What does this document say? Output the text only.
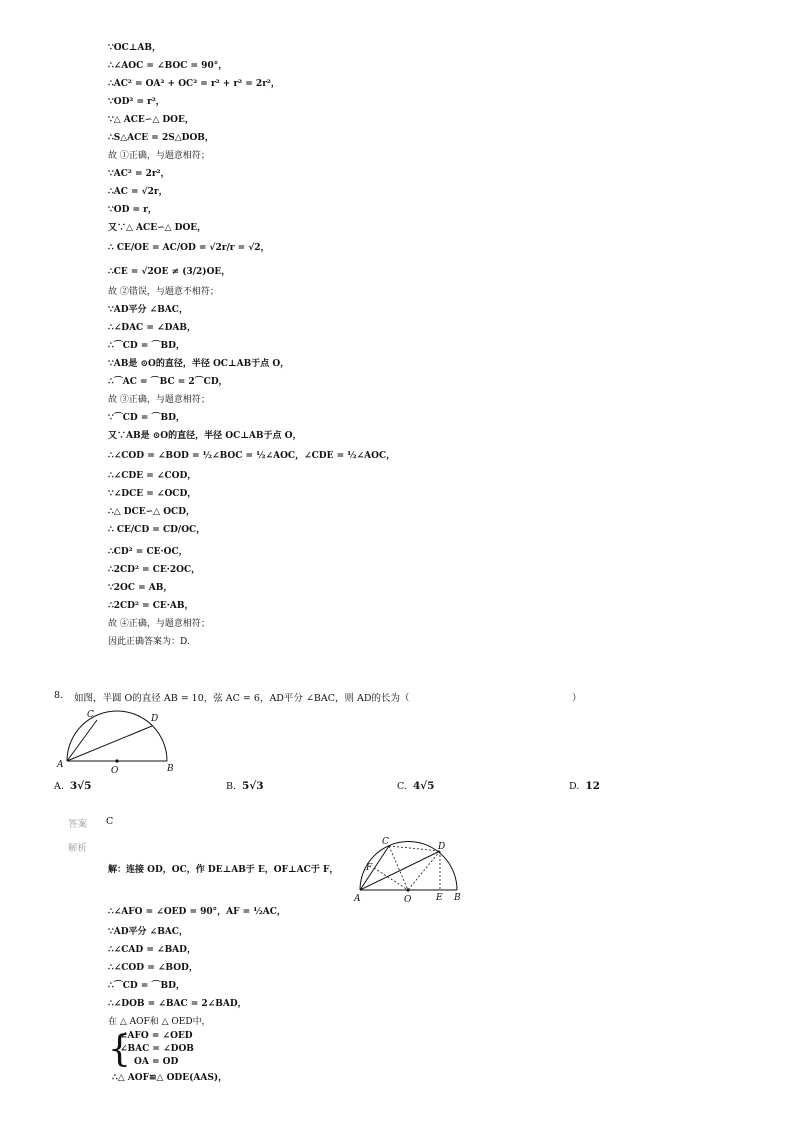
∵OC⊥AB，
∴∠AOC = ∠BOC = 90°，
∴AC² = OA² + OC² = r² + r² = 2r²，
∵OD² = r²，
∵△ ACE∽△ DOE，
∴S△ACE = 2S△DOB，
故 ①正确，与题意相符；
∵AC² = 2r²，
∴AC = √2r，
∵OD = r，
又∵△ ACE∽△ DOE，
∴ CE/OE = AC/OD = √2r/r = √2，
∴CE = √2OE ≠ (3/2)OE，
故 ②错误，与题意不相符；
∵AD平分 ∠BAC，
∴∠DAC = ∠DAB，
∴⌒CD = ⌒BD，
∵AB是 ⊙O的直径，半径 OC⊥AB于点 O，
∴⌒AC = ⌒BC = 2⌒CD，
故 ③正确，与题意相符；
∵⌒CD = ⌒BD，
又∵AB是 ⊙O的直径，半径 OC⊥AB于点 O，
∴∠COD = ∠BOD = ½∠BOC = ½∠AOC，∠CDE = ½∠AOC，
∴∠CDE = ∠COD，
∵∠DCE = ∠OCD，
∴△ DCE∽△ OCD，
∴ CE/CD = CD/OC，
∴CD² = CE·OC，
∴2CD² = CE·2OC，
∵2OC = AB，
∴2CD² = CE·AB，
故 ④正确，与题意相符；
因此正确答案为：D.
8. 如图，半圆 O的直径 AB = 10，弦 AC = 6，AD平分 ∠BAC，则 AD的长为（	）
C	D
A
O	B
A. 3√5	B. 5√3	C. 4√5	D. 12
答案 C
解析
解：连接 OD，OC，作 DE⊥AB于 E，OF⊥AC于 F，
C	D
F
A	O	E B
∴∠AFO = ∠OED = 90°，AF = ½AC，
∵AD平分 ∠BAC，
∴∠CAD = ∠BAD，
∴∠COD = ∠BOD，
∴⌒CD = ⌒BD，
∴∠DOB = ∠BAC = 2∠BAD，
在 △ AOF和 △ OED中，
{
∠AFO = ∠OED
∠BAC = ∠DOB
OA = OD
∴△ AOF≌△ ODE(AAS)，
